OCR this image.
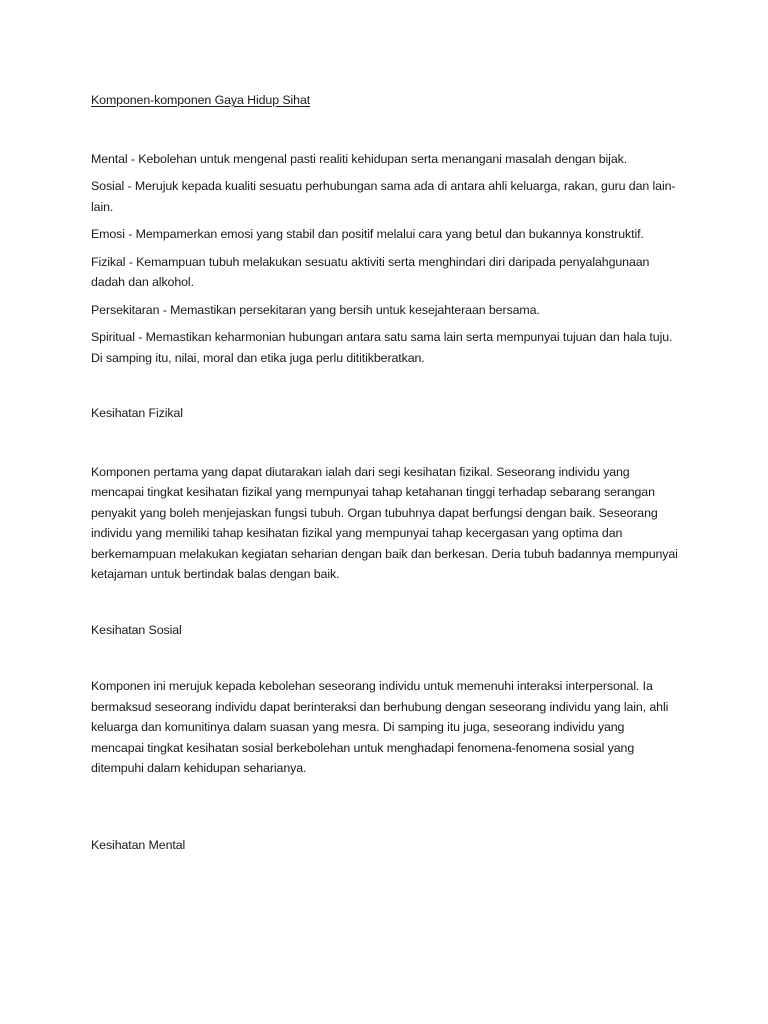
Komponen-komponen Gaya Hidup Sihat
Mental - Kebolehan untuk mengenal pasti realiti kehidupan serta menangani masalah dengan bijak.
Sosial - Merujuk kepada kualiti sesuatu perhubungan sama ada di antara ahli keluarga, rakan, guru dan lain-lain.
Emosi - Mempamerkan emosi yang stabil dan positif melalui cara yang betul dan bukannya konstruktif.
Fizikal - Kemampuan tubuh melakukan sesuatu aktiviti serta menghindari diri daripada penyalahgunaan dadah dan alkohol.
Persekitaran - Memastikan persekitaran yang bersih untuk kesejahteraan bersama.
Spiritual - Memastikan keharmonian hubungan antara satu sama lain serta mempunyai tujuan dan hala tuju. Di samping itu, nilai, moral dan etika juga perlu dititikberatkan.
Kesihatan Fizikal

Komponen pertama yang dapat diutarakan ialah dari segi kesihatan fizikal. Seseorang individu yang mencapai tingkat kesihatan fizikal yang mempunyai tahap ketahanan tinggi terhadap sebarang serangan penyakit yang boleh menjejaskan fungsi tubuh. Organ tubuhnya dapat berfungsi dengan baik. Seseorang individu yang memiliki tahap kesihatan fizikal yang mempunyai tahap kecergasan yang optima dan berkemampuan melakukan kegiatan seharian dengan baik dan berkesan. Deria tubuh badannya mempunyai ketajaman untuk bertindak balas dengan baik.

Kesihatan Sosial

Komponen ini merujuk kepada kebolehan seseorang individu untuk memenuhi interaksi interpersonal. Ia bermaksud seseorang individu dapat berinteraksi dan berhubung dengan seseorang individu yang lain, ahli keluarga dan komunitinya dalam suasan yang mesra. Di samping itu juga, seseorang individu yang mencapai tingkat kesihatan sosial berkebolehan untuk menghadapi fenomena-fenomena sosial yang ditempuhi dalam kehidupan seharianya.

Kesihatan Mental
